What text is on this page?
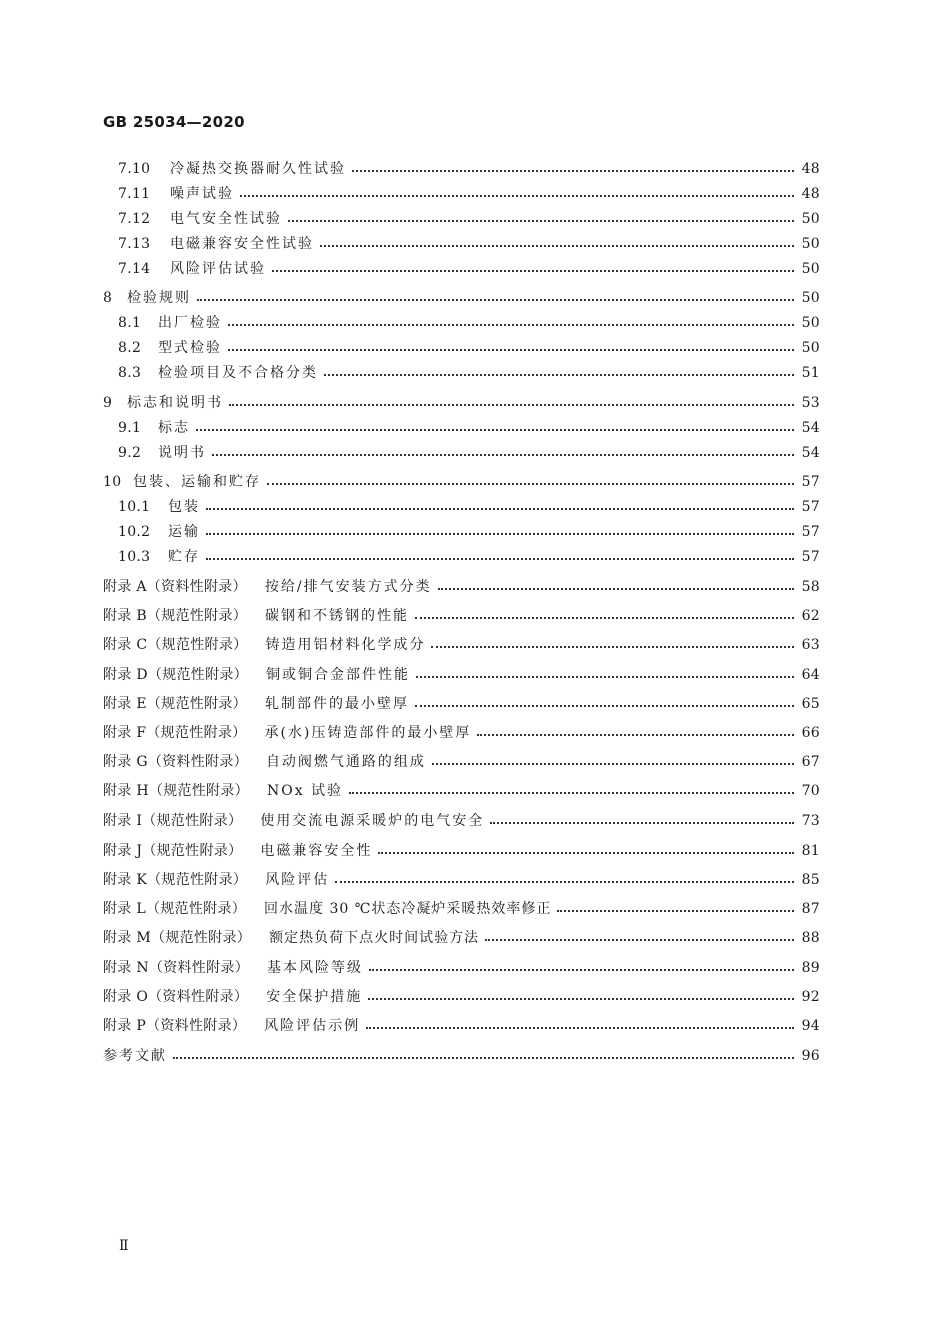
GB 25034—2020
7.10	冷凝热交换器耐久性试验	48
7.11	噪声试验	48
7.12	电气安全性试验	50
7.13	电磁兼容安全性试验	50
7.14	风险评估试验	50
8	检验规则	50
8.1	出厂检验	50
8.2	型式检验	50
8.3	检验项目及不合格分类	51
9	标志和说明书	53
9.1	标志	54
9.2	说明书	54
10 包装、运输和贮存	57
10.1	包装	57
10.2	运输	57
10.3	贮存	57
附录 A（资料性附录） 按给/排气安装方式分类	58
附录 B（规范性附录） 碳钢和不锈钢的性能	62
附录 C（规范性附录） 铸造用铝材料化学成分	63
附录 D（规范性附录） 铜或铜合金部件性能	64
附录 E（规范性附录） 轧制部件的最小壁厚	65
附录 F（规范性附录） 承(水)压铸造部件的最小壁厚	66
附录 G（资料性附录） 自动阀燃气通路的组成	67
附录 H（规范性附录） NOx 试验	70
附录 I（规范性附录） 使用交流电源采暖炉的电气安全	73
附录 J（规范性附录） 电磁兼容安全性	81
附录 K（规范性附录） 风险评估	85
附录 L（规范性附录） 回水温度 30 ℃状态冷凝炉采暖热效率修正	87
附录 M（规范性附录） 额定热负荷下点火时间试验方法	88
附录 N（资料性附录） 基本风险等级	89
附录 O（资料性附录） 安全保护措施	92
附录 P（资料性附录） 风险评估示例	94
参考文献	96
Ⅱ
